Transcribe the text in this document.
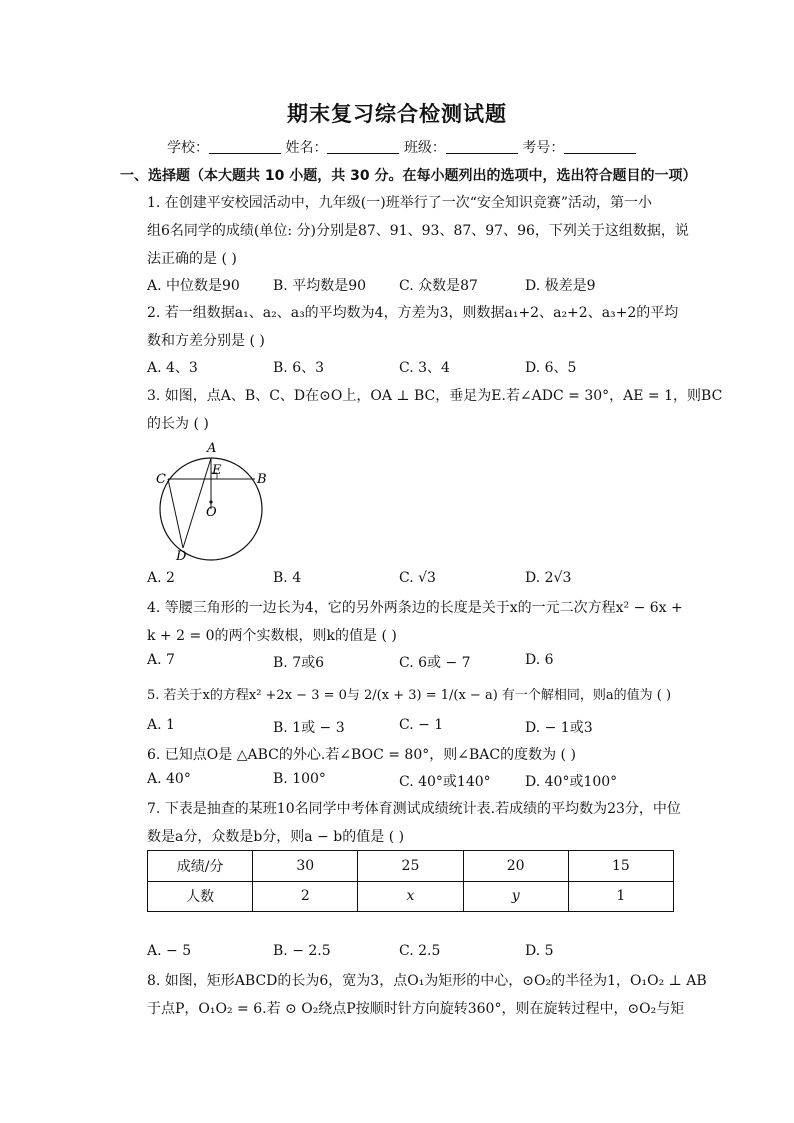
期末复习综合检测试题
学校：	姓名：	班级：	考号：
一、选择题（本大题共 10 小题，共 30 分。在每小题列出的选项中，选出符合题目的一项）
1. 在创建平安校园活动中，九年级(一)班举行了一次“安全知识竞赛”活动，第一小
组6名同学的成绩(单位: 分)分别是87、91、93、87、97、96，下列关于这组数据，说
法正确的是 ( )
A. 中位数是90 B. 平均数是90 C. 众数是87	D. 极差是9
2. 若一组数据a₁、a₂、a₃的平均数为4，方差为3，则数据a₁+2、a₂+2、a₃+2的平均
数和方差分别是 ( )
A. 4、3	B. 6、3	C. 3、4	D. 6、5
3. 如图，点A、B、C、D在⊙O上，OA ⊥ BC，垂足为E.若∠ADC = 30°，AE = 1，则BC
的长为 ( )
A
B
C
D
E
O
A. 2	B. 4	C. √3	D. 2√3
4. 等腰三角形的一边长为4，它的另外两条边的长度是关于x的一元二次方程x² − 6x +
k + 2 = 0的两个实数根，则k的值是 ( )
A. 7	B. 7或6	C. 6或 − 7	D. 6
5. 若关于x的方程x² +2x − 3 = 0与 2/(x + 3) = 1/(x − a) 有一个解相同，则a的值为 ( )
A. 1	B. 1或 − 3	C. − 1	D. − 1或3
6. 已知点O是 △ABC的外心.若∠BOC = 80°，则∠BAC的度数为 ( )
A. 40°	B. 100°	C. 40°或140° D. 40°或100°
7. 下表是抽查的某班10名同学中考体育测试成绩统计表.若成绩的平均数为23分，中位
数是a分，众数是b分，则a − b的值是 ( )
成绩/分	30	25	20	15
人数	2	x	y	1
A. − 5	B. − 2.5	C. 2.5	D. 5
8. 如图，矩形ABCD的长为6，宽为3，点O₁为矩形的中心，⊙O₂的半径为1，O₁O₂ ⊥ AB
于点P，O₁O₂ = 6.若 ⊙ O₂绕点P按顺时针方向旋转360°，则在旋转过程中，⊙O₂与矩
